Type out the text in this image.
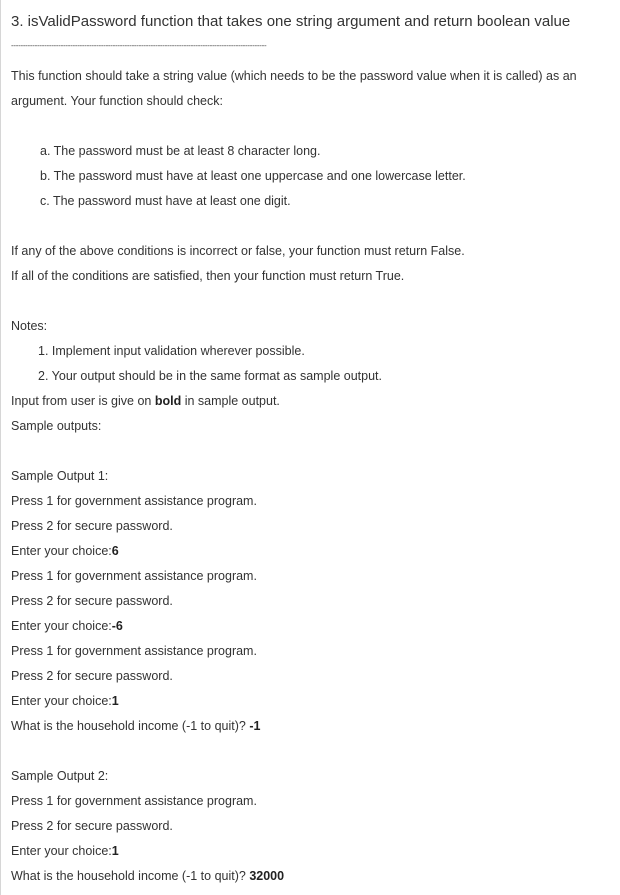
3. isValidPassword function that takes one string argument and return boolean value
------------------------------------------------------------------------------------------------------------
This function should take a string value (which needs to be the password value when it is called) as an
argument. Your function should check:
a. The password must be at least 8 character long.
b. The password must have at least one uppercase and one lowercase letter.
c. The password must have at least one digit.
If any of the above conditions is incorrect or false, your function must return False.
If all of the conditions are satisfied, then your function must return True.
Notes:
1. Implement input validation wherever possible.
2. Your output should be in the same format as sample output.
Input from user is give on bold in sample output.
Sample outputs:
Sample Output 1:
Press 1 for government assistance program.
Press 2 for secure password.
Enter your choice:6
Press 1 for government assistance program.
Press 2 for secure password.
Enter your choice:-6
Press 1 for government assistance program.
Press 2 for secure password.
Enter your choice:1
What is the household income (-1 to quit)? -1
Sample Output 2:
Press 1 for government assistance program.
Press 2 for secure password.
Enter your choice:1
What is the household income (-1 to quit)? 32000
